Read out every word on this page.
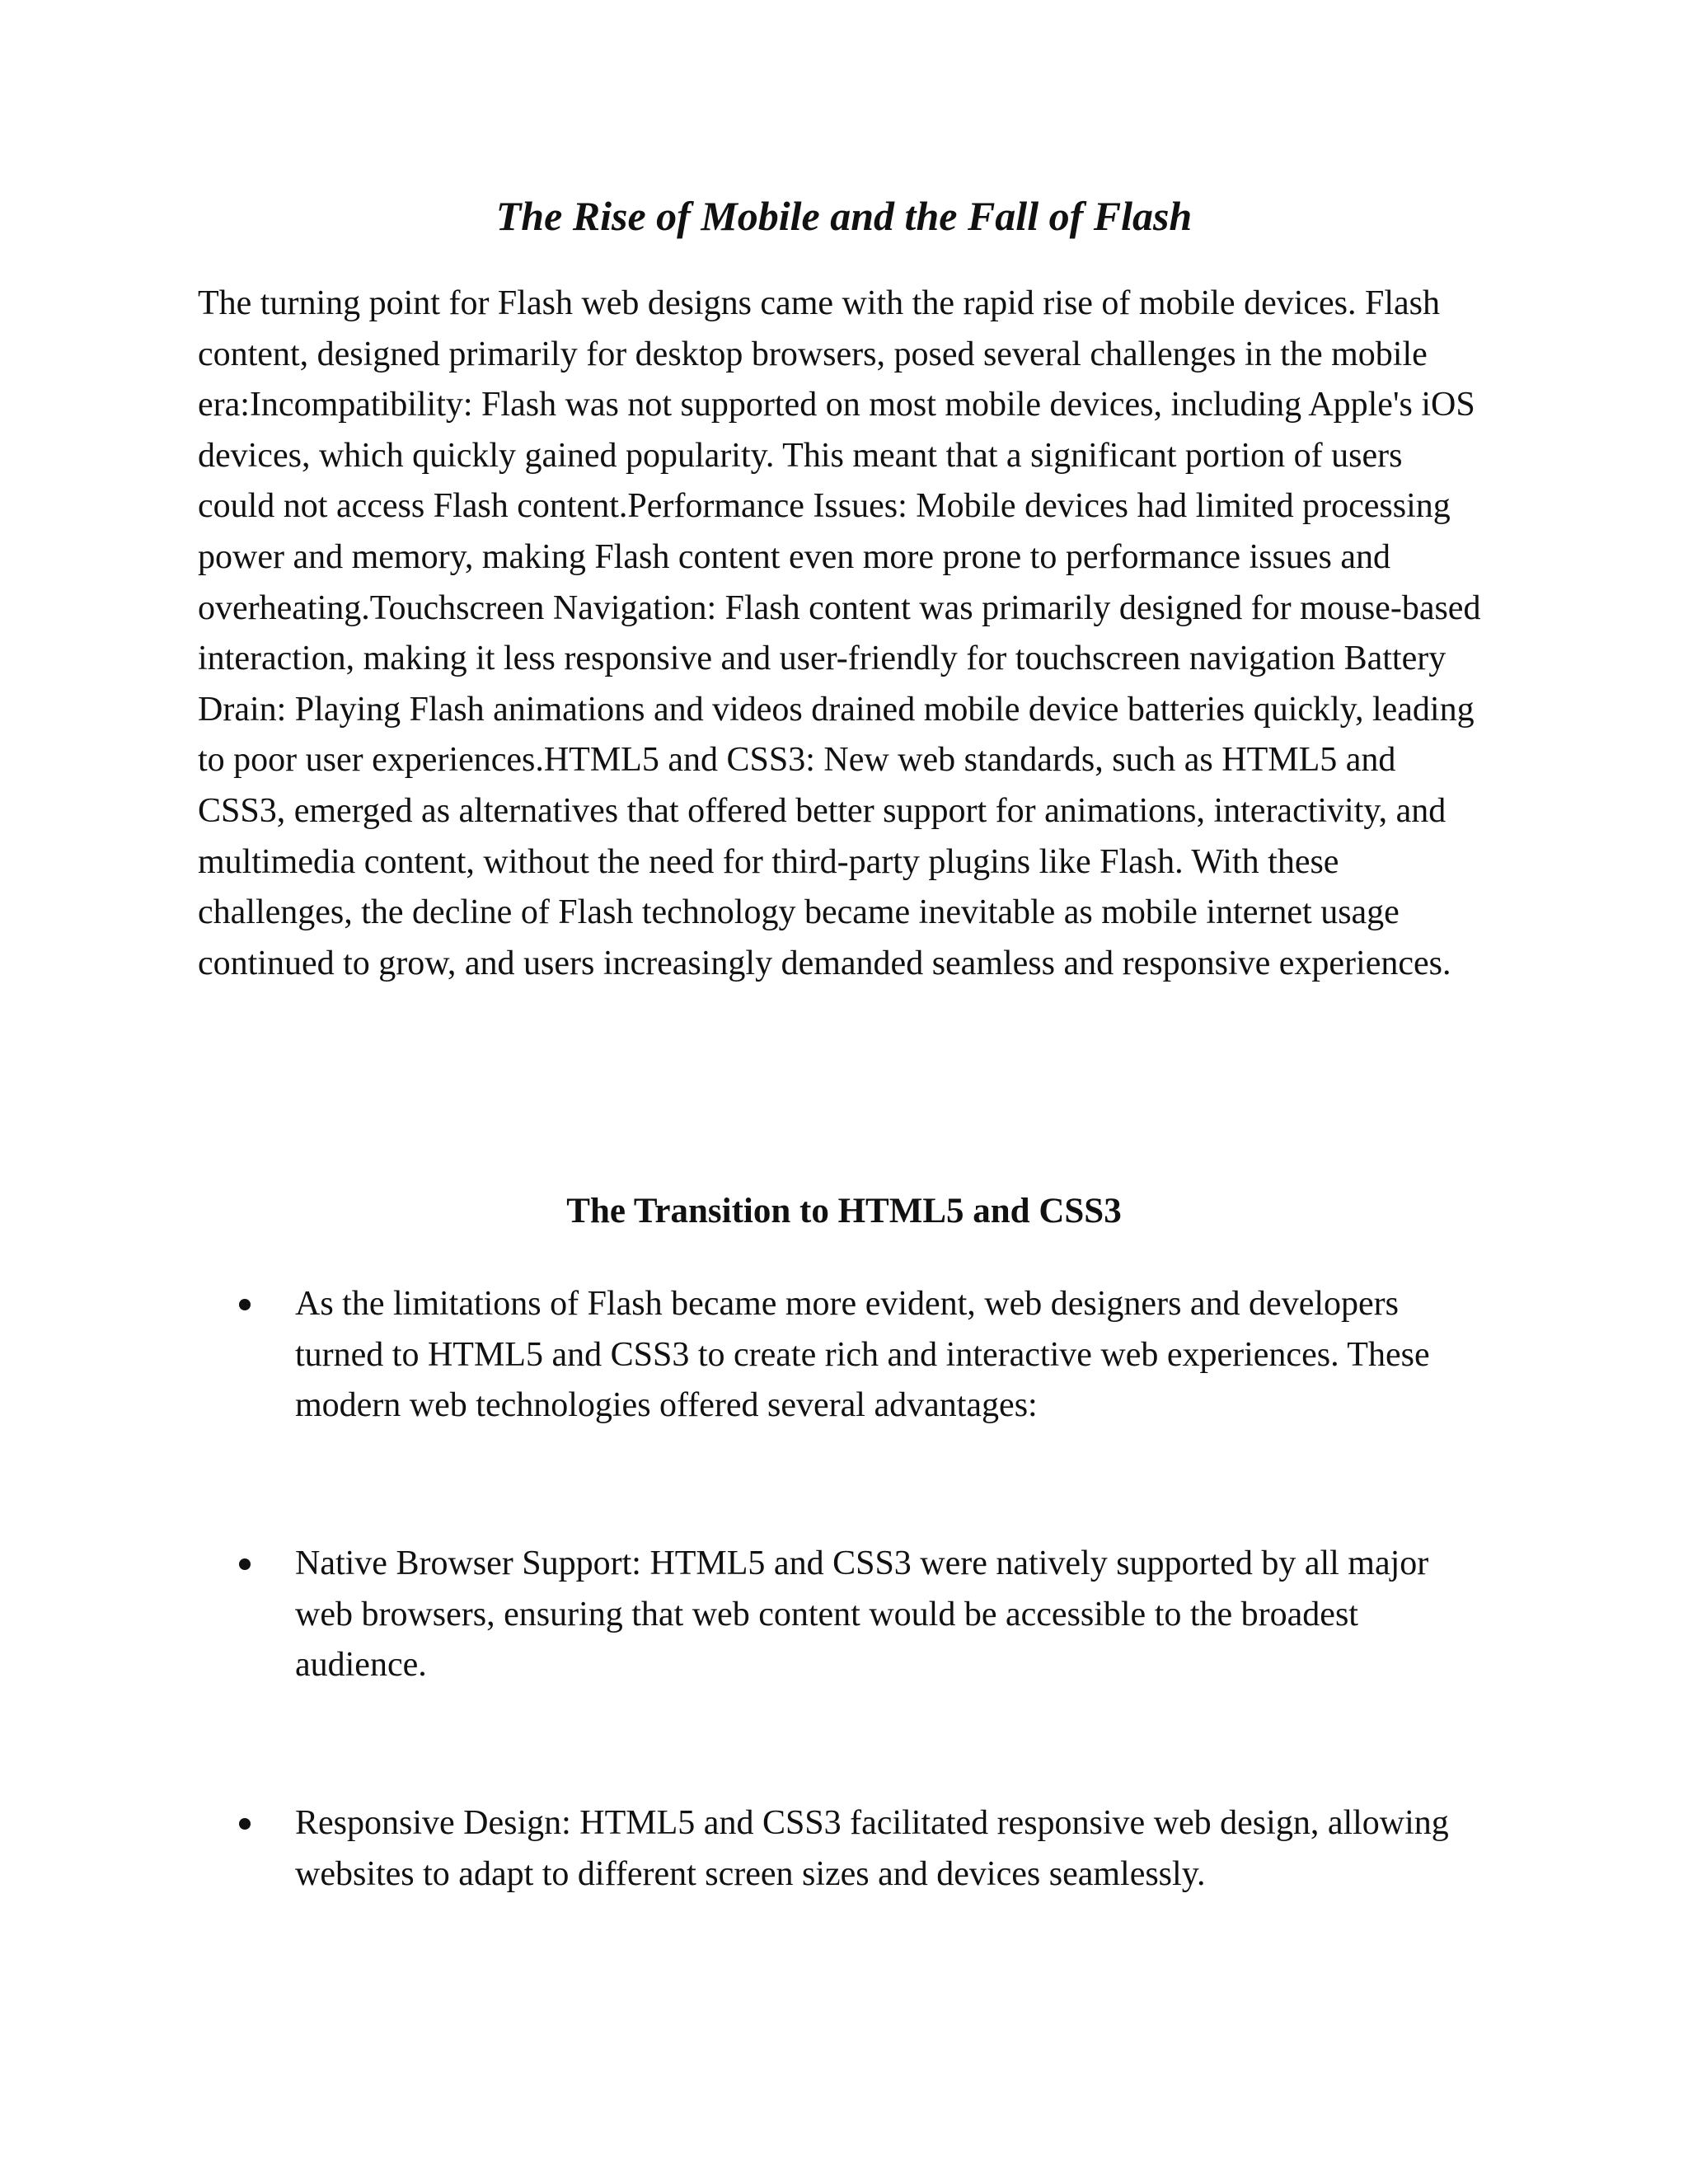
The Rise of Mobile and the Fall of Flash

The turning point for Flash web designs came with the rapid rise of mobile devices. Flash content, designed primarily for desktop browsers, posed several challenges in the mobile era:Incompatibility: Flash was not supported on most mobile devices, including Apple's iOS devices, which quickly gained popularity. This meant that a significant portion of users could not access Flash content.Performance Issues: Mobile devices had limited processing power and memory, making Flash content even more prone to performance issues and overheating.Touchscreen Navigation: Flash content was primarily designed for mouse-based interaction, making it less responsive and user-friendly for touchscreen navigation Battery Drain: Playing Flash animations and videos drained mobile device batteries quickly, leading to poor user experiences.HTML5 and CSS3: New web standards, such as HTML5 and CSS3, emerged as alternatives that offered better support for animations, interactivity, and multimedia content, without the need for third-party plugins like Flash. With these challenges, the decline of Flash technology became inevitable as mobile internet usage continued to grow, and users increasingly demanded seamless and responsive experiences.

The Transition to HTML5 and CSS3
As the limitations of Flash became more evident, web designers and developers turned to HTML5 and CSS3 to create rich and interactive web experiences. These modern web technologies offered several advantages:
Native Browser Support: HTML5 and CSS3 were natively supported by all major web browsers, ensuring that web content would be accessible to the broadest audience.
Responsive Design: HTML5 and CSS3 facilitated responsive web design, allowing websites to adapt to different screen sizes and devices seamlessly.
